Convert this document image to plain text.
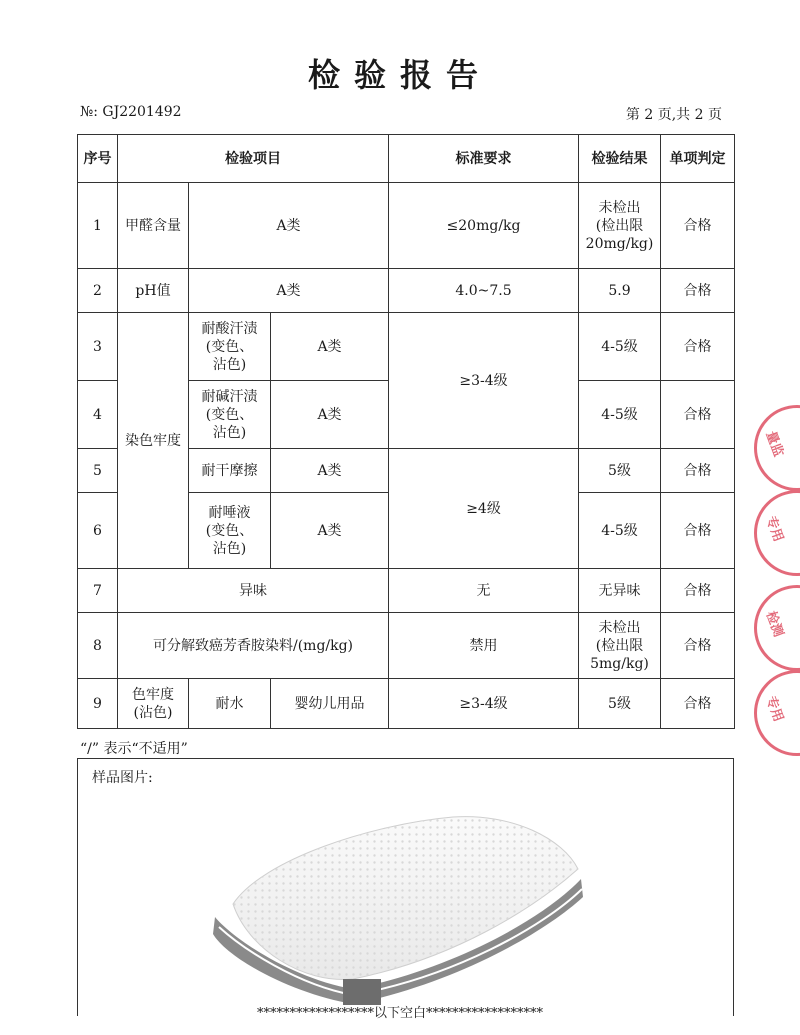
检验报告
№: GJ2201492	第 2 页,共 2 页
序号	检验项目			标准要求	检验结果	单项判定
1	甲醛含量	A类		≤20mg/kg	未检出
(检出限
20mg/kg)	合格
2	pH值	A类		4.0~7.5	5.9	合格
3	染色牢度	耐酸汗渍
(变色、
沾色)	A类	≥3-4级	4-5级	合格
4		耐碱汗渍
(变色、
沾色)	A类		4-5级	合格
5		耐干摩擦	A类	≥4级	5级	合格
6		耐唾液
(变色、
沾色)	A类		4-5级	合格
7	异味			无	无异味	合格
8	可分解致癌芳香胺染料/(mg/kg)			禁用	未检出
(检出限
5mg/kg)	合格
9	色牢度
(沾色)	耐水	婴幼儿用品	≥3-4级	5级	合格
“/” 表示“不适用”
样品图片:
******************以下空白******************
量监
专用
检测
专用
